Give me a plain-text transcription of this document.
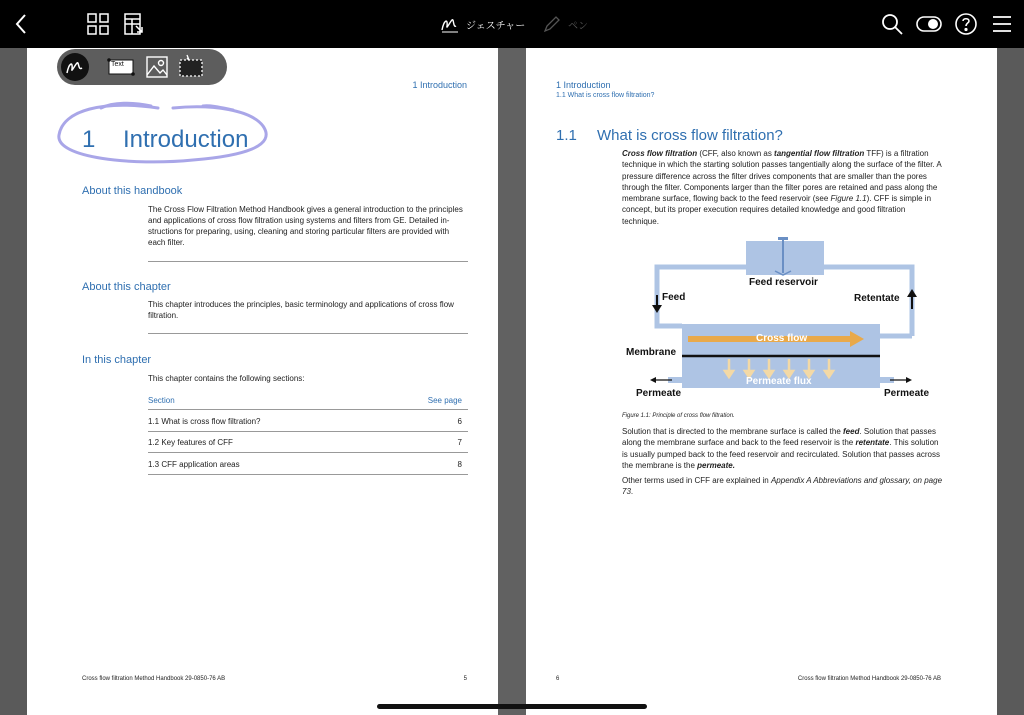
ジェスチャー	ペン
1 Introduction
1 Introduction
About this handbook
The Cross Flow Filtration Method Handbook gives a general introduction to the principles and applications of cross flow filtration using systems and filters from GE. Detailed in- structions for preparing, using, cleaning and storing particular filters are provided with each filter.
About this chapter
This chapter introduces the principles, basic terminology and applications of cross flow filtration.
In this chapter
This chapter contains the following sections:
Section	See page
1.1 What is cross flow filtration?	6
1.2 Key features of CFF	7
1.3 CFF application areas	8
Cross flow filtration Method Handbook 29-0850-76 AB	5
1 Introduction
1.1 What is cross flow filtration?
1.1 What is cross flow filtration?
Cross flow filtration (CFF, also known as tangential flow filtration TFF) is a filtration technique in which the starting solution passes tangentially along the surface of the filter. A pressure difference across the filter drives components that are smaller than the pores through the filter. Components larger than the filter pores are retained and pass along the membrane surface, flowing back to the feed reservoir (see Figure 1.1). CFF is simple in concept, but its proper execution requires detailed knowledge and good filtration technique.
Feed reservoir
Feed	Retentate
Membrane
Cross flow
Permeate flux
Permeate	Permeate
Figure 1.1: Principle of cross flow filtration.
Solution that is directed to the membrane surface is called the feed. Solution that passes along the membrane surface and back to the feed reservoir is the retentate. This solution is usually pumped back to the feed reservoir and recirculated. Solution that passes across the membrane is the permeate.
Other terms used in CFF are explained in Appendix A Abbreviations and glossary, on page 73.
6	Cross flow filtration Method Handbook 29-0850-76 AB
Text
